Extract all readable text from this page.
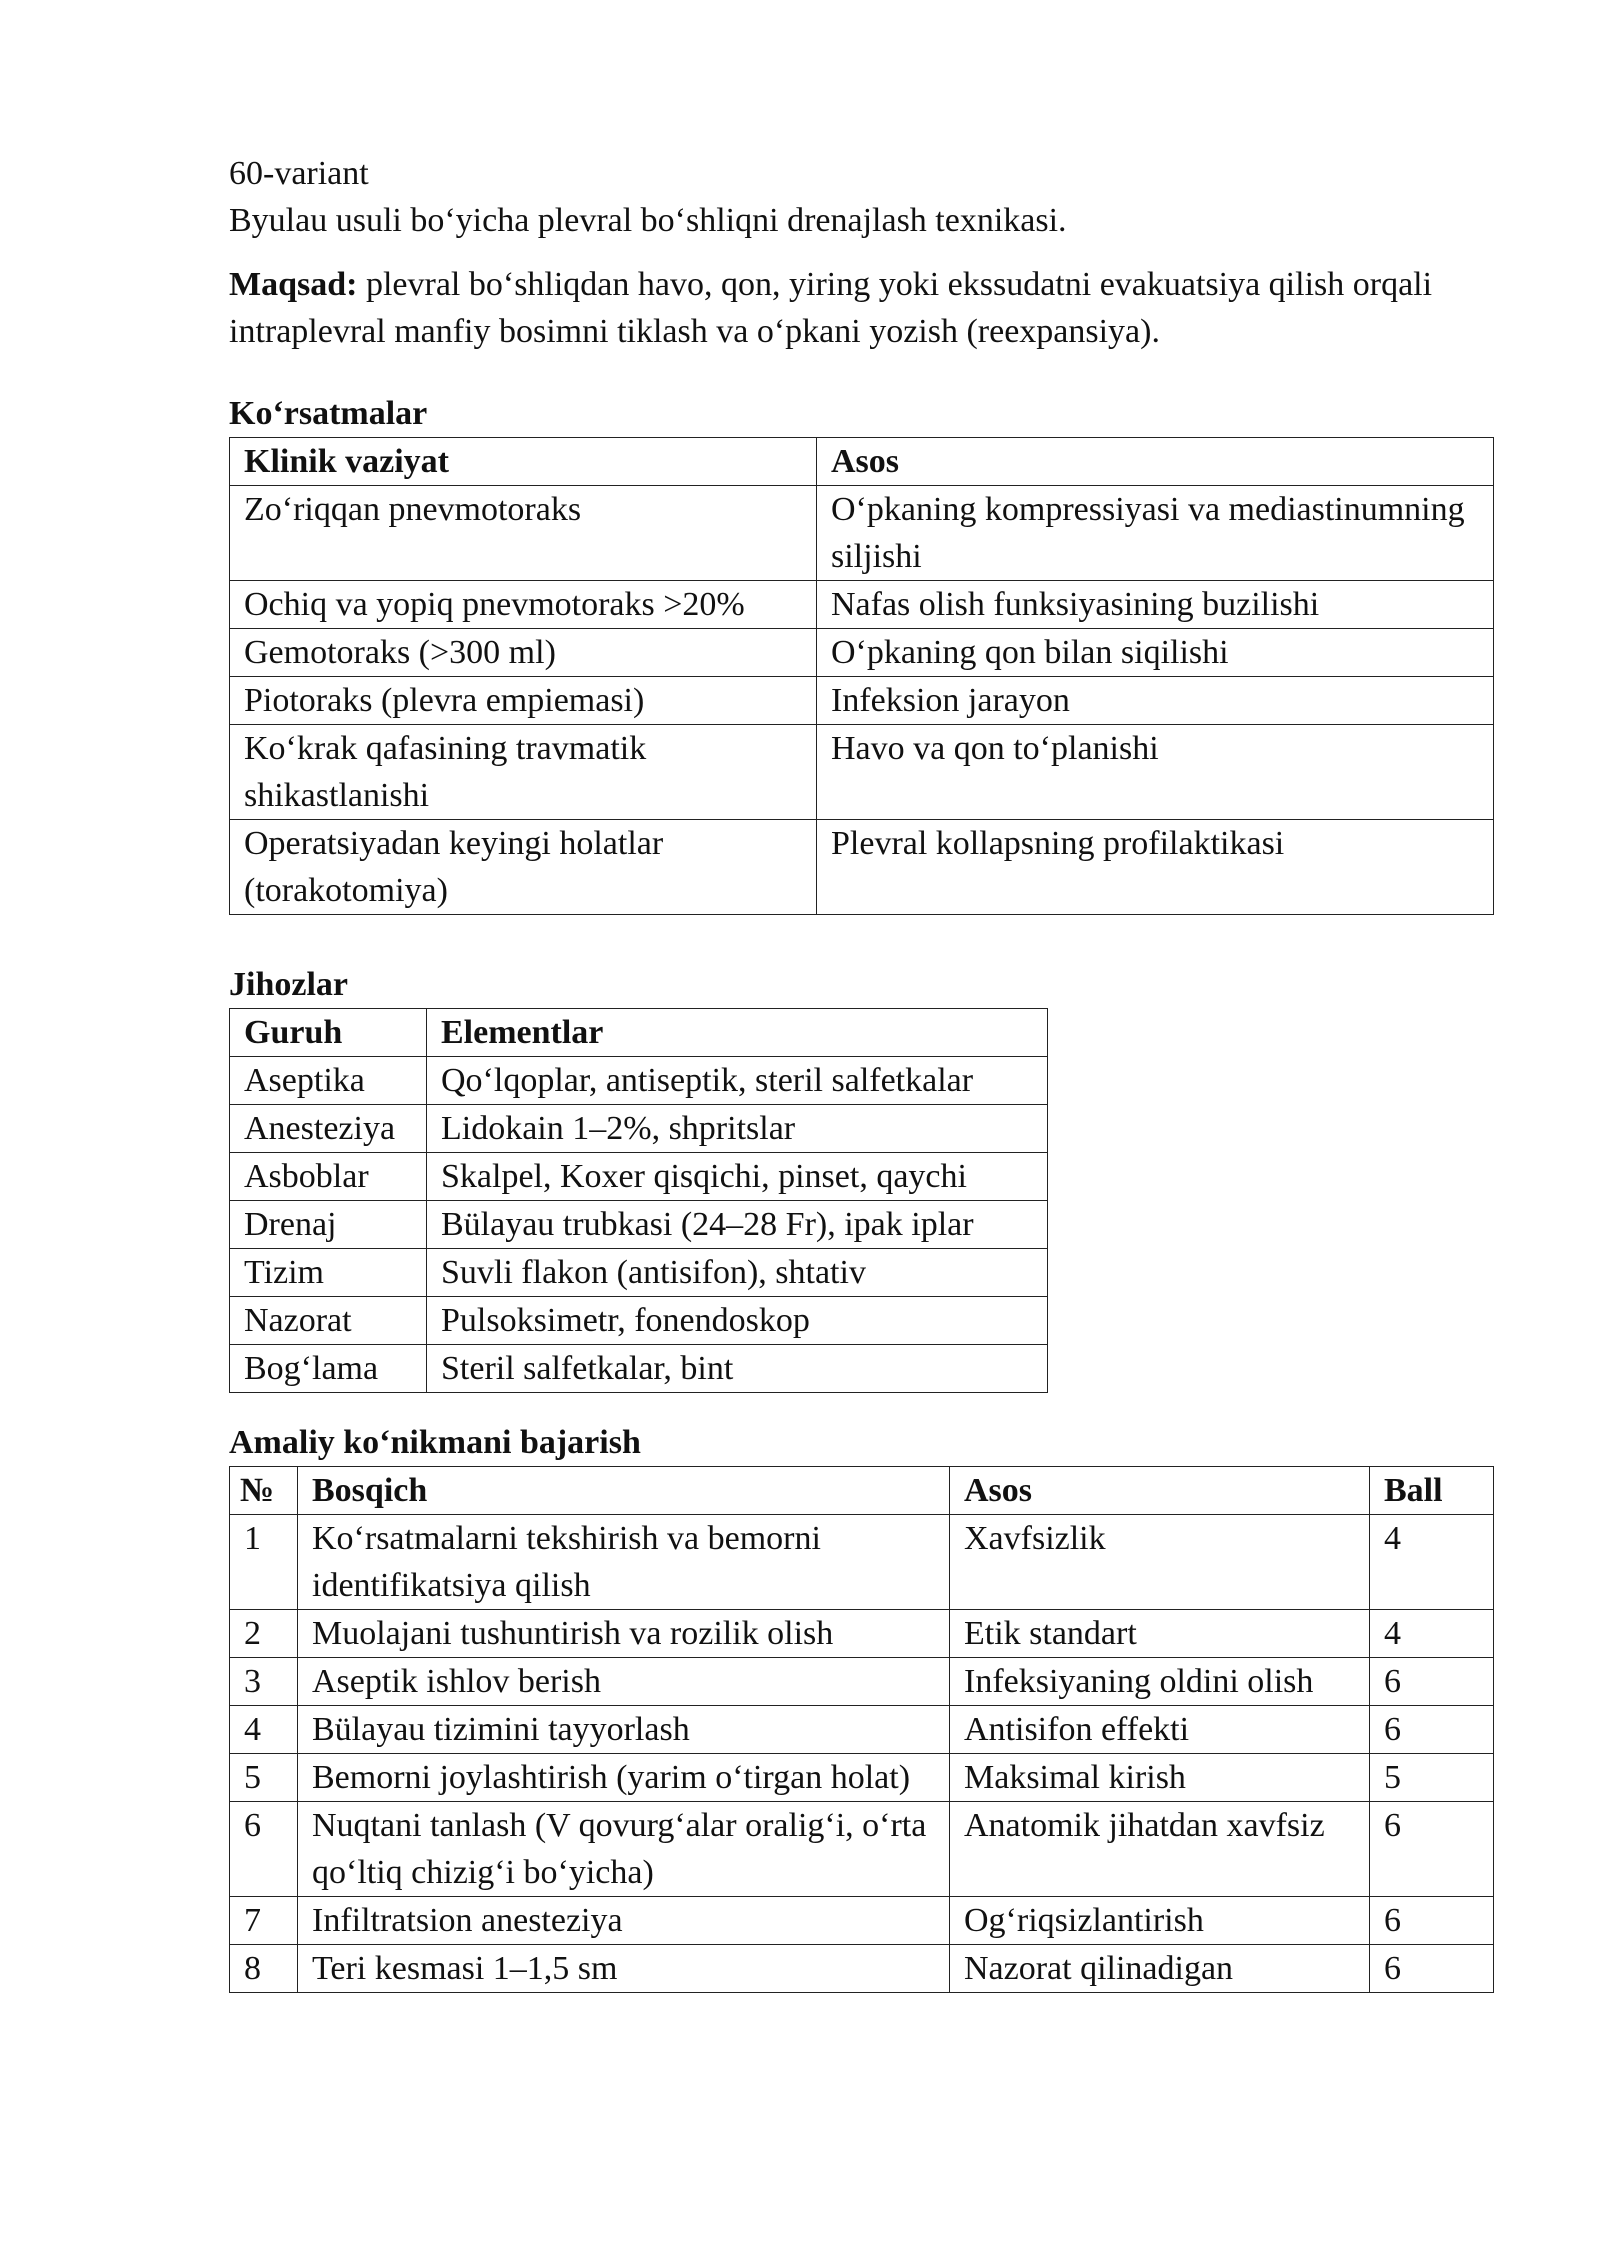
60-variant

Byulau usuli bo‘yicha plevral bo‘shliqni drenajlash texnikasi.

Maqsad: plevral bo‘shliqdan havo, qon, yiring yoki ekssudatni evakuatsiya qilish orqali intraplevral manfiy bosimni tiklash va o‘pkani yozish (reexpansiya).

Ko‘rsatmalar

Klinik vaziyat	Asos
Zo‘riqqan pnevmotoraks	O‘pkaning kompressiyasi va mediastinumning siljishi
Ochiq va yopiq pnevmotoraks >20%	Nafas olish funksiyasining buzilishi
Gemotoraks (>300 ml)	O‘pkaning qon bilan siqilishi
Piotoraks (plevra empiemasi)	Infeksion jarayon
Ko‘krak qafasining travmatik shikastlanishi	Havo va qon to‘planishi
Operatsiyadan keyingi holatlar (torakotomiya)	Plevral kollapsning profilaktikasi

Jihozlar

Guruh	Elementlar
Aseptika	Qo‘lqoplar, antiseptik, steril salfetkalar
Anesteziya	Lidokain 1–2%, shpritslar
Asboblar	Skalpel, Koxer qisqichi, pinset, qaychi
Drenaj	Bülayau trubkasi (24–28 Fr), ipak iplar
Tizim	Suvli flakon (antisifon), shtativ
Nazorat	Pulsoksimetr, fonendoskop
Bog‘lama	Steril salfetkalar, bint

Amaliy ko‘nikmani bajarish

№	Bosqich	Asos	Ball
1	Ko‘rsatmalarni tekshirish va bemorni identifikatsiya qilish	Xavfsizlik	4
2	Muolajani tushuntirish va rozilik olish	Etik standart	4
3	Aseptik ishlov berish	Infeksiyaning oldini olish	6
4	Bülayau tizimini tayyorlash	Antisifon effekti	6
5	Bemorni joylashtirish (yarim o‘tirgan holat)	Maksimal kirish	5
6	Nuqtani tanlash (V qovurg‘alar oralig‘i, o‘rta qo‘ltiq chizig‘i bo‘yicha)	Anatomik jihatdan xavfsiz	6
7	Infiltratsion anesteziya	Og‘riqsizlantirish	6
8	Teri kesmasi 1–1,5 sm	Nazorat qilinadigan	6
